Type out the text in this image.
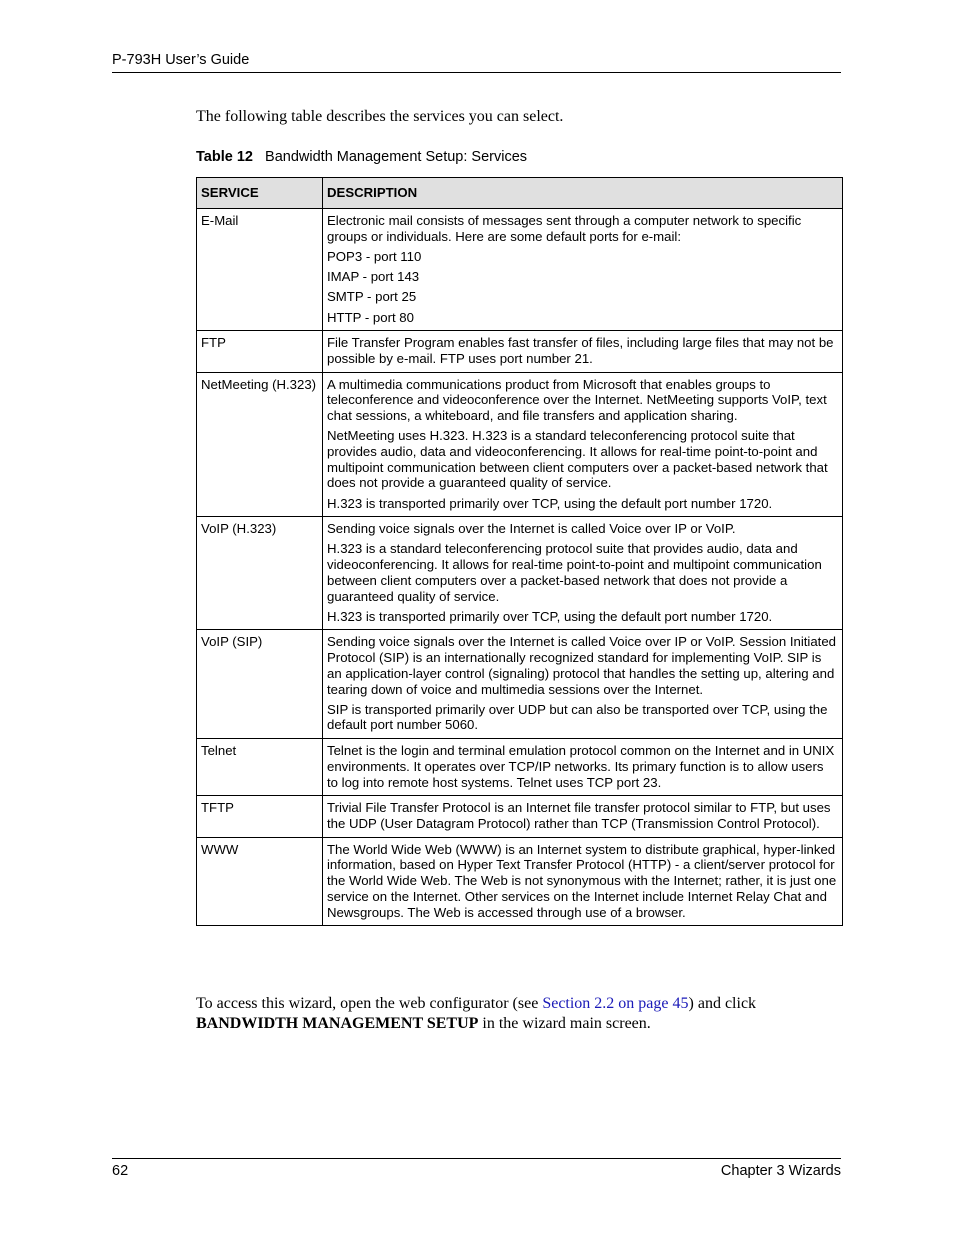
P-793H User’s Guide
The following table describes the services you can select.
Table 12 Bandwidth Management Setup: Services
SERVICE	DESCRIPTION
E-Mail	Electronic mail consists of messages sent through a computer network to specific groups or individuals. Here are some default ports for e-mail:

POP3 - port 110

IMAP - port 143

SMTP - port 25

HTTP - port 80

FTP	File Transfer Program enables fast transfer of files, including large files that may not be possible by e-mail. FTP uses port number 21.

NetMeeting (H.323)	A multimedia communications product from Microsoft that enables groups to teleconference and videoconference over the Internet. NetMeeting supports VoIP, text chat sessions, a whiteboard, and file transfers and application sharing.

NetMeeting uses H.323. H.323 is a standard teleconferencing protocol suite that provides audio, data and videoconferencing. It allows for real-time point-to-point and multipoint communication between client computers over a packet-based network that does not provide a guaranteed quality of service.

H.323 is transported primarily over TCP, using the default port number 1720.

VoIP (H.323)	Sending voice signals over the Internet is called Voice over IP or VoIP.

H.323 is a standard teleconferencing protocol suite that provides audio, data and videoconferencing. It allows for real-time point-to-point and multipoint communication between client computers over a packet-based network that does not provide a guaranteed quality of service.

H.323 is transported primarily over TCP, using the default port number 1720.

VoIP (SIP)	Sending voice signals over the Internet is called Voice over IP or VoIP. Session Initiated Protocol (SIP) is an internationally recognized standard for implementing VoIP. SIP is an application-layer control (signaling) protocol that handles the setting up, altering and tearing down of voice and multimedia sessions over the Internet.

SIP is transported primarily over UDP but can also be transported over TCP, using the default port number 5060.

Telnet	Telnet is the login and terminal emulation protocol common on the Internet and in UNIX environments. It operates over TCP/IP networks. Its primary function is to allow users to log into remote host systems. Telnet uses TCP port 23.

TFTP	Trivial File Transfer Protocol is an Internet file transfer protocol similar to FTP, but uses the UDP (User Datagram Protocol) rather than TCP (Transmission Control Protocol).

WWW	The World Wide Web (WWW) is an Internet system to distribute graphical, hyper-linked information, based on Hyper Text Transfer Protocol (HTTP) - a client/server protocol for the World Wide Web. The Web is not synonymous with the Internet; rather, it is just one service on the Internet. Other services on the Internet include Internet Relay Chat and Newsgroups. The Web is accessed through use of a browser.

To access this wizard, open the web configurator (see Section 2.2 on page 45) and click BANDWIDTH MANAGEMENT SETUP in the wizard main screen.
62	Chapter 3 Wizards
